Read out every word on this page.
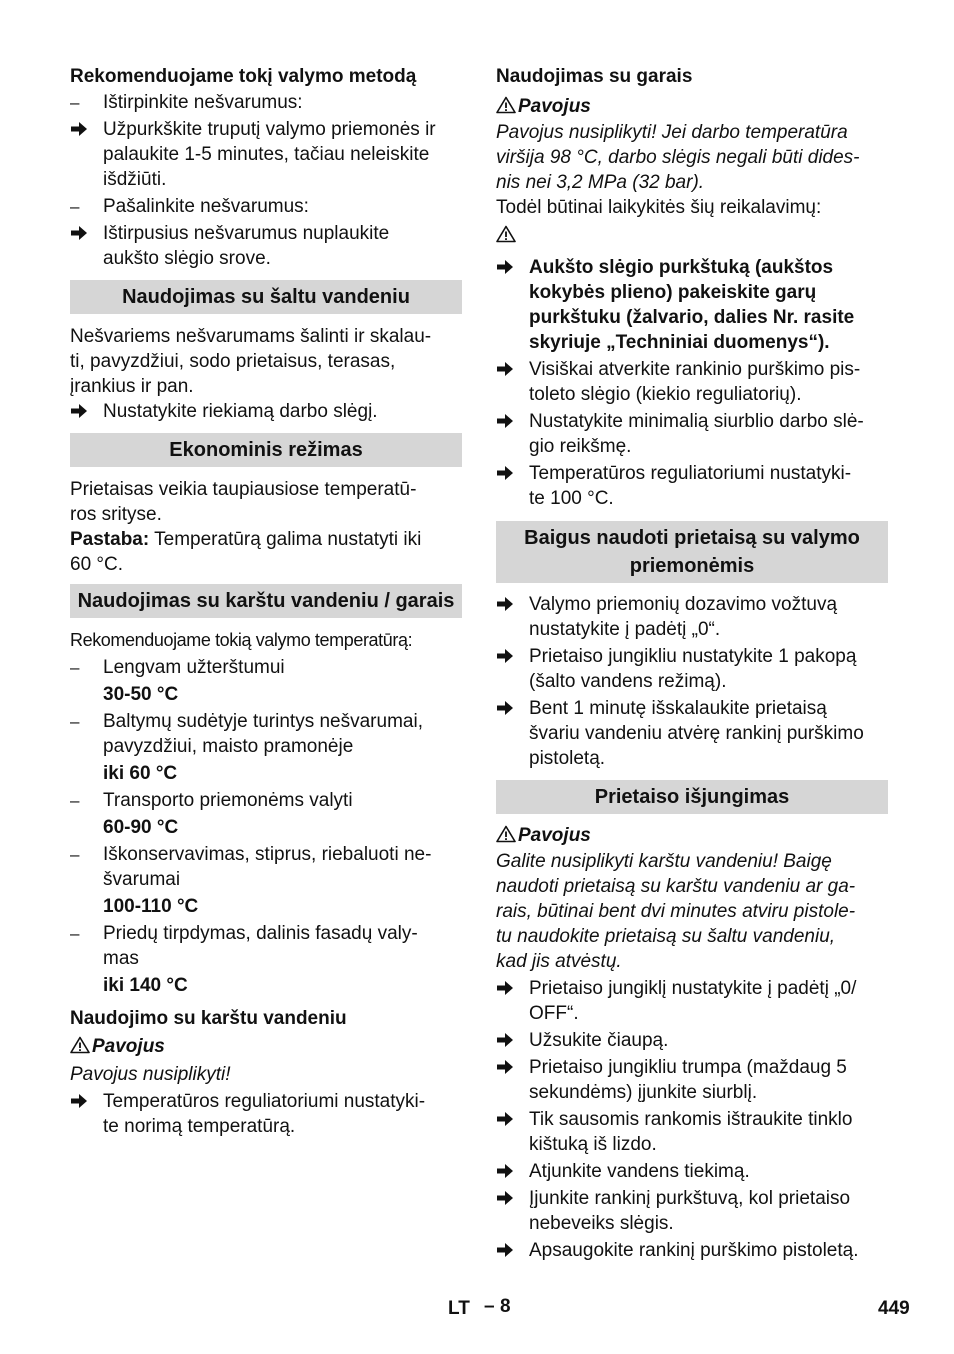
Rekomenduojame tokį valymo metodą
–	Ištirpinkite nešvarumus:
Užpurkškite truputį valymo priemonės ir
palaukite 1-5 minutes, tačiau neleiskite
išdžiūti.
–	Pašalinkite nešvarumus:
Ištirpusius nešvarumus nuplaukite
aukšto slėgio srove.
Naudojimas su šaltu vandeniu
Nešvariems nešvarumams šalinti ir skalau-
ti, pavyzdžiui, sodo prietaisus, terasas,
įrankius ir pan.
Nustatykite riekiamą darbo slėgį.
Ekonominis režimas
Prietaisas veikia taupiausiose temperatū-
ros srityse.
Pastaba: Temperatūrą galima nustatyti iki
60 °C.
Naudojimas su karštu vandeniu / garais
Rekomenduojame tokią valymo temperatūrą:
–	Lengvam užterštumui
30-50 °C
–	Baltymų sudėtyje turintys nešvarumai,
pavyzdžiui, maisto pramonėje
iki 60 °C
–	Transporto priemonėms valyti
60-90 °C
–	Iškonservavimas, stiprus, riebaluoti ne-
švarumai
100-110 °C
–	Priedų tirpdymas, dalinis fasadų valy-
mas
iki 140 °C
Naudojimo su karštu vandeniu
Pavojus
Pavojus nusiplikyti!
Temperatūros reguliatoriumi nustatyki-
te norimą temperatūrą.
Naudojimas su garais
Pavojus
Pavojus nusiplikyti! Jei darbo temperatūra
viršija 98 °C, darbo slėgis negali būti dides-
nis nei 3,2 MPa (32 bar).
Todėl būtinai laikykitės šių reikalavimų:
Aukšto slėgio purkštuką (aukštos
kokybės plieno) pakeiskite garų
purkštuku (žalvario, dalies Nr. rasite
skyriuje „Techniniai duomenys“).
Visiškai atverkite rankinio purškimo pis-
toleto slėgio (kiekio reguliatorių).
Nustatykite minimalią siurblio darbo slė-
gio reikšmę.
Temperatūros reguliatoriumi nustatyki-
te 100 °C.
Baigus naudoti prietaisą su valymo priemonėmis
Valymo priemonių dozavimo vožtuvą
nustatykite į padėtį „0“.
Prietaiso jungikliu nustatykite 1 pakopą
(šalto vandens režimą).
Bent 1 minutę išskalaukite prietaisą
švariu vandeniu atvėrę rankinį purškimo
pistoletą.
Prietaiso išjungimas
Pavojus
Galite nusiplikyti karštu vandeniu! Baigę
naudoti prietaisą su karštu vandeniu ar ga-
rais, būtinai bent dvi minutes atviru pistole-
tu naudokite prietaisą su šaltu vandeniu,
kad jis atvėstų.
Prietaiso jungiklį nustatykite į padėtį „0/
OFF“.
Užsukite čiaupą.
Prietaiso jungikliu trumpa (maždaug 5
sekundėms) įjunkite siurblį.
Tik sausomis rankomis ištraukite tinklo
kištuką iš lizdo.
Atjunkite vandens tiekimą.
Įjunkite rankinį purkštuvą, kol prietaiso
nebeveiks slėgis.
Apsaugokite rankinį purškimo pistoletą.
LT – 8	449
